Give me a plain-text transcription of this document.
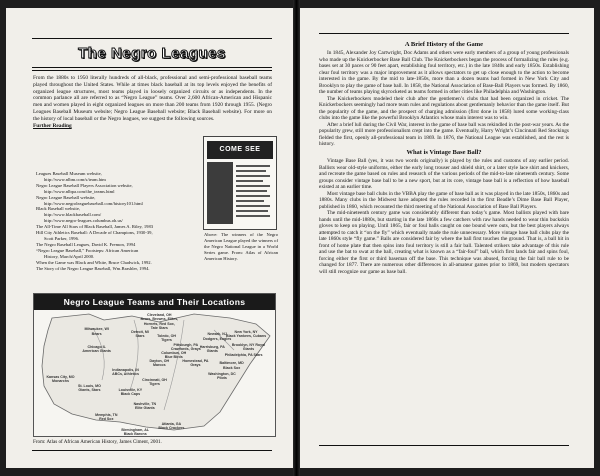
The Negro Leagues

From the 1880s to 1950 literally hundreds of all-black, professional and semi-professional baseball teams played throughout the United States. While at times black baseball at its top levels enjoyed the benefits of organized league structures, most teams played in loosely organized circuits or as independents. In the common parlance all are referred to as “Negro League” teams. Over 2,600 African-American and Hispanic men and women played in eight organized leagues on more than 200 teams from 1920 through 1955. (Negro Leagues Baseball Museum website; Negro League Baseball website; Black Baseball website). For more on the history of local baseball or the Negro leagues, we suggest the following sources.

Further Reading
Leagues Baseball Museum website,
http://www.nlbm.com/s/team.htm
Negro League Baseball Players Association website,
http://www.nlbpa.com/the_teams.html
Negro League Baseball website,
http://www.negroleaguebaseball.com/history101.html
Black Baseball website,
http://www.blackbaseball.com/
http://www.negro-leagues.columbus.oh.us/
The All-Time All Stars of Black Baseball, James A. Riley, 1983
Hill City Athletics Baseball: A Decade of Champions, 1930-39,
Scott Parker, 1996.
The Negro Baseball Leagues, David K. Fremon, 1994
“Negro League Baseball,” Footsteps: African American
History, March/April 2000.
When the Game was Black and White, Bruce Chadwick, 1992.
The Story of the Negro League Baseball, Wm.Brashler, 1994.
COME SEE
Above: The winners of the Negro American League played the winners of the Negro National League in a World Series game. From: Atlas of African American History.
Negro League Teams and Their Locations
Cleveland, OH
Bears, Browns, Elites,
Hornets, Red Sox,
Tate Stars
Milwaukee, WI
Bears	Detroit, MI
Stars	Toledo, OH
Tigers
Newark, NJ
Dodgers, Eagles
New York, NY
Black Yankees, Cubans
Pittsburgh, PA
Crawfords, Grays
Harrisburg, PA
Giants
Brooklyn, NY Royal
Giants
Chicago IL
American Giants
Columbus, OH
Blue Birds
Philadelphia, PA Stars
Dayton, OH
Marcos
Homestead, PA
Grays	Baltimore, MD
Black Sox
Indianapolis, IN
ABCs, Athletics	Washington, DC
Pilots
Kansas City, MO
Monarchs	Cincinnati, OH
Tigers
St. Louis, MO
Giants, Stars	Louisville, KY
Black Caps
Nashville, TN
Elite Giants
Memphis, TN
Red Sox
Atlanta, GA
Black Crackers
Birmingham, AL
Black Barons
From: Atlas of African American History, James Ciment, 2001.
A Brief History of the Game

In 1845, Alexander Joy Cartwright, Doc Adams and others were early members of a group of young professionals who made up the Knickerbocker Base Ball Club. The Knickerbockers began the process of formalizing the rules (e.g. bases set at 30 paces or 90 feet apart, establishing foul territory, etc.) in the late 1840s and early 1850s. Establishing clear foul territory was a major improvement as it allows spectators to get up close enough to the action to become interested in the game. By the mid to late-1850s, more than a dozen teams had formed in New York City and Brooklyn to play the game of base ball. In 1858, the National Association of Base-Ball Players was formed. By 1860, the number of teams playing skyrocketed as teams formed in other cities like Philadelphia and Washington.

The Knickerbockers modeled their club after the gentlemen’s clubs that had been organized in cricket. The Knickerbockers seemingly had more team rules and regulations about gentlemanly behavior than the game itself. But the popularity of the game, and the prospect of charging admission (first done in 1858) lured some working-class clubs into the game like the powerful Brooklyn Atlantics whose main interest was to win.

After a brief lull during the Civil War, interest in the game of base ball was rekindled in the post-war years. As the popularity grew, still more professionalism crept into the game. Eventually, Harry Wright’s Cincinnati Red Stockings fielded the first, openly all-professional team in 1869. In 1876, the National League was established, and the rest is history.

What is Vintage Base Ball?

Vintage Base Ball (yes, it was two words originally) is played by the rules and customs of any earlier period. Ballists wear old-style uniforms, either the early long trouser and shield shirt, or a later style lace shirt and knickers, and recreate the game based on rules and research of the various periods of the mid-to-late nineteenth century. Some groups consider vintage base ball to be a new sport, but at its core, vintage base ball is a reflection of how baseball existed at an earlier time.

Most vintage base ball clubs in the VBBA play the game of base ball as it was played in the late 1850s, 1860s and 1880s. Many clubs in the Midwest have adopted the rules recorded in the first Beadle’s Dime Base Ball Player, published in 1860, which recounted the third meeting of the National Association of Base Ball Players.

The mid-nineteenth century game was considerably different than today’s game. Most ballists played with bare hands until the mid-1880s, but starting in the late 1860s a few catchers with raw hands needed to wear thin buckskin gloves to keep on playing. Until 1865, fair or foul balls caught on one bound were outs, but the best players always attempted to catch it “on the fly” which eventually made the rule unnecessary. More vintage base ball clubs play the late 1860s style “fly game.” Balls are considered fair by where the ball first touches the ground. That is, a ball hit in front of home plate that then spins into foul territory is still a fair ball. Talented strikers take advantage of this rule and use the bat to swat at the ball, creating what is known as a “fair-foul” ball, which first lands fair and spins foul, forcing either the first or third baseman off the base. This technique was abused, forcing the fair ball rule to be changed for 1877. There are numerous other differences in all-amateur games prior to 1869, but modern spectators will still recognize our game as base ball.
